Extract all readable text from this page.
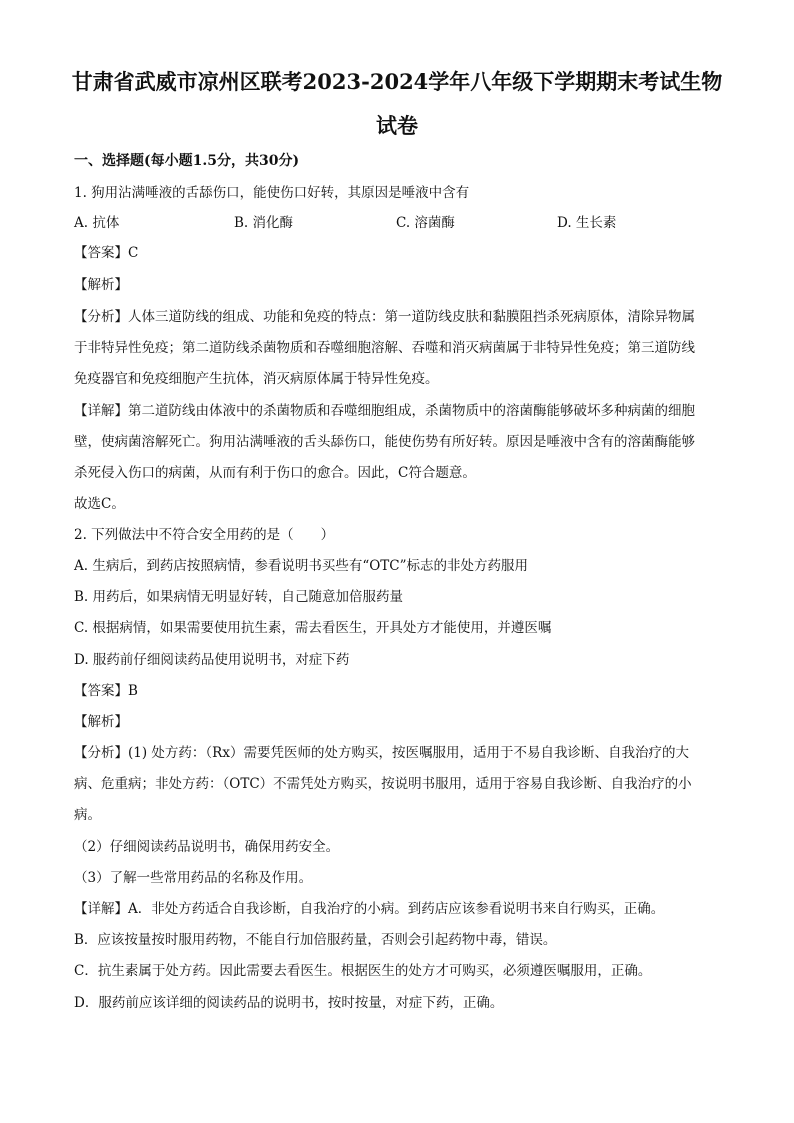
甘肃省武威市凉州区联考2023-2024学年八年级下学期期末考试生物
试卷
一、选择题(每小题1.5分，共30分)
1. 狗用沾满唾液的舌舔伤口，能使伤口好转，其原因是唾液中含有
A. 抗体	B. 消化酶	C. 溶菌酶	D. 生长素
【答案】C
【解析】
【分析】人体三道防线的组成、功能和免疫的特点：第一道防线皮肤和黏膜阻挡杀死病原体，清除异物属
于非特异性免疫；第二道防线杀菌物质和吞噬细胞溶解、吞噬和消灭病菌属于非特异性免疫；第三道防线
免疫器官和免疫细胞产生抗体，消灭病原体属于特异性免疫。
【详解】第二道防线由体液中的杀菌物质和吞噬细胞组成，杀菌物质中的溶菌酶能够破坏多种病菌的细胞
壁，使病菌溶解死亡。狗用沾满唾液的舌头舔伤口，能使伤势有所好转。原因是唾液中含有的溶菌酶能够
杀死侵入伤口的病菌，从而有利于伤口的愈合。因此，C符合题意。
故选C。
2. 下列做法中不符合安全用药的是（　　）
A. 生病后，到药店按照病情，参看说明书买些有“OTC”标志的非处方药服用
B. 用药后，如果病情无明显好转，自己随意加倍服药量
C. 根据病情，如果需要使用抗生素，需去看医生，开具处方才能使用，并遵医嘱
D. 服药前仔细阅读药品使用说明书，对症下药
【答案】B
【解析】
【分析】(1) 处方药：（Rx）需要凭医师的处方购买，按医嘱服用，适用于不易自我诊断、自我治疗的大
病、危重病；非处方药：（OTC）不需凭处方购买，按说明书服用，适用于容易自我诊断、自我治疗的小
病。
（2）仔细阅读药品说明书，确保用药安全。
（3）了解一些常用药品的名称及作用。
【详解】A．非处方药适合自我诊断，自我治疗的小病。到药店应该参看说明书来自行购买，正确。
B．应该按量按时服用药物，不能自行加倍服药量，否则会引起药物中毒，错误。
C．抗生素属于处方药。因此需要去看医生。根据医生的处方才可购买，必须遵医嘱服用，正确。
D．服药前应该详细的阅读药品的说明书，按时按量，对症下药，正确。
